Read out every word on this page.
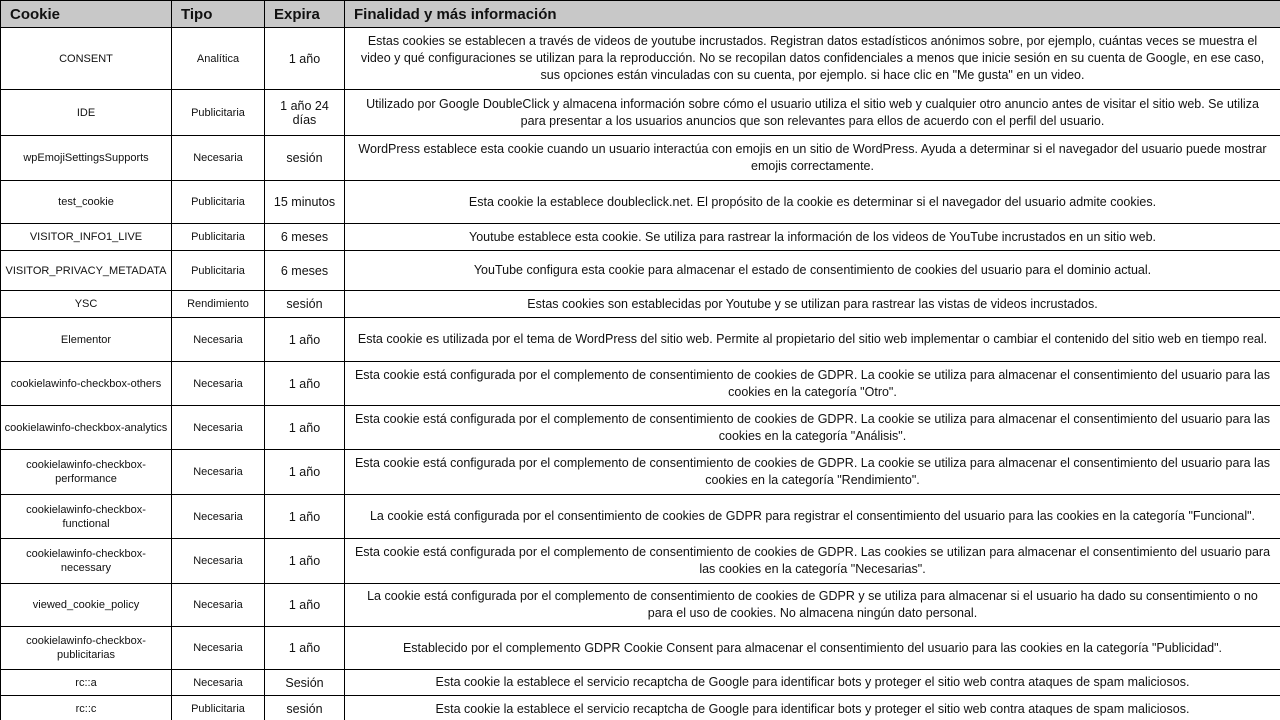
Cookie	Tipo	Expira	Finalidad y más información
CONSENT	Analítica	1 año	Estas cookies se establecen a través de videos de youtube incrustados. Registran datos estadísticos anónimos sobre, por ejemplo, cuántas veces se muestra el video y qué configuraciones se utilizan para la reproducción. No se recopilan datos confidenciales a menos que inicie sesión en su cuenta de Google, en ese caso, sus opciones están vinculadas con su cuenta, por ejemplo. si hace clic en "Me gusta" en un video.
IDE	Publicitaria	1 año 24 días	Utilizado por Google DoubleClick y almacena información sobre cómo el usuario utiliza el sitio web y cualquier otro anuncio antes de visitar el sitio web. Se utiliza para presentar a los usuarios anuncios que son relevantes para ellos de acuerdo con el perfil del usuario.
wpEmojiSettingsSupports	Necesaria	sesión	WordPress establece esta cookie cuando un usuario interactúa con emojis en un sitio de WordPress. Ayuda a determinar si el navegador del usuario puede mostrar emojis correctamente.
test_cookie	Publicitaria	15 minutos	Esta cookie la establece doubleclick.net. El propósito de la cookie es determinar si el navegador del usuario admite cookies.
VISITOR_INFO1_LIVE	Publicitaria	6 meses	Youtube establece esta cookie. Se utiliza para rastrear la información de los videos de YouTube incrustados en un sitio web.
VISITOR_PRIVACY_METADATA	Publicitaria	6 meses	YouTube configura esta cookie para almacenar el estado de consentimiento de cookies del usuario para el dominio actual.
YSC	Rendimiento	sesión	Estas cookies son establecidas por Youtube y se utilizan para rastrear las vistas de videos incrustados.
Elementor	Necesaria	1 año	Esta cookie es utilizada por el tema de WordPress del sitio web. Permite al propietario del sitio web implementar o cambiar el contenido del sitio web en tiempo real.
cookielawinfo-checkbox-others	Necesaria	1 año	Esta cookie está configurada por el complemento de consentimiento de cookies de GDPR. La cookie se utiliza para almacenar el consentimiento del usuario para las cookies en la categoría "Otro".
cookielawinfo-checkbox-analytics	Necesaria	1 año	Esta cookie está configurada por el complemento de consentimiento de cookies de GDPR. La cookie se utiliza para almacenar el consentimiento del usuario para las cookies en la categoría "Análisis".
cookielawinfo-checkbox-performance	Necesaria	1 año	Esta cookie está configurada por el complemento de consentimiento de cookies de GDPR. La cookie se utiliza para almacenar el consentimiento del usuario para las cookies en la categoría "Rendimiento".
cookielawinfo-checkbox-functional	Necesaria	1 año	La cookie está configurada por el consentimiento de cookies de GDPR para registrar el consentimiento del usuario para las cookies en la categoría "Funcional".
cookielawinfo-checkbox-necessary	Necesaria	1 año	Esta cookie está configurada por el complemento de consentimiento de cookies de GDPR. Las cookies se utilizan para almacenar el consentimiento del usuario para las cookies en la categoría "Necesarias".
viewed_cookie_policy	Necesaria	1 año	La cookie está configurada por el complemento de consentimiento de cookies de GDPR y se utiliza para almacenar si el usuario ha dado su consentimiento o no para el uso de cookies. No almacena ningún dato personal.
cookielawinfo-checkbox-publicitarias	Necesaria	1 año	Establecido por el complemento GDPR Cookie Consent para almacenar el consentimiento del usuario para las cookies en la categoría "Publicidad".
rc::a	Necesaria	Sesión	Esta cookie la establece el servicio recaptcha de Google para identificar bots y proteger el sitio web contra ataques de spam maliciosos.
rc::c	Publicitaria	sesión	Esta cookie la establece el servicio recaptcha de Google para identificar bots y proteger el sitio web contra ataques de spam maliciosos.
